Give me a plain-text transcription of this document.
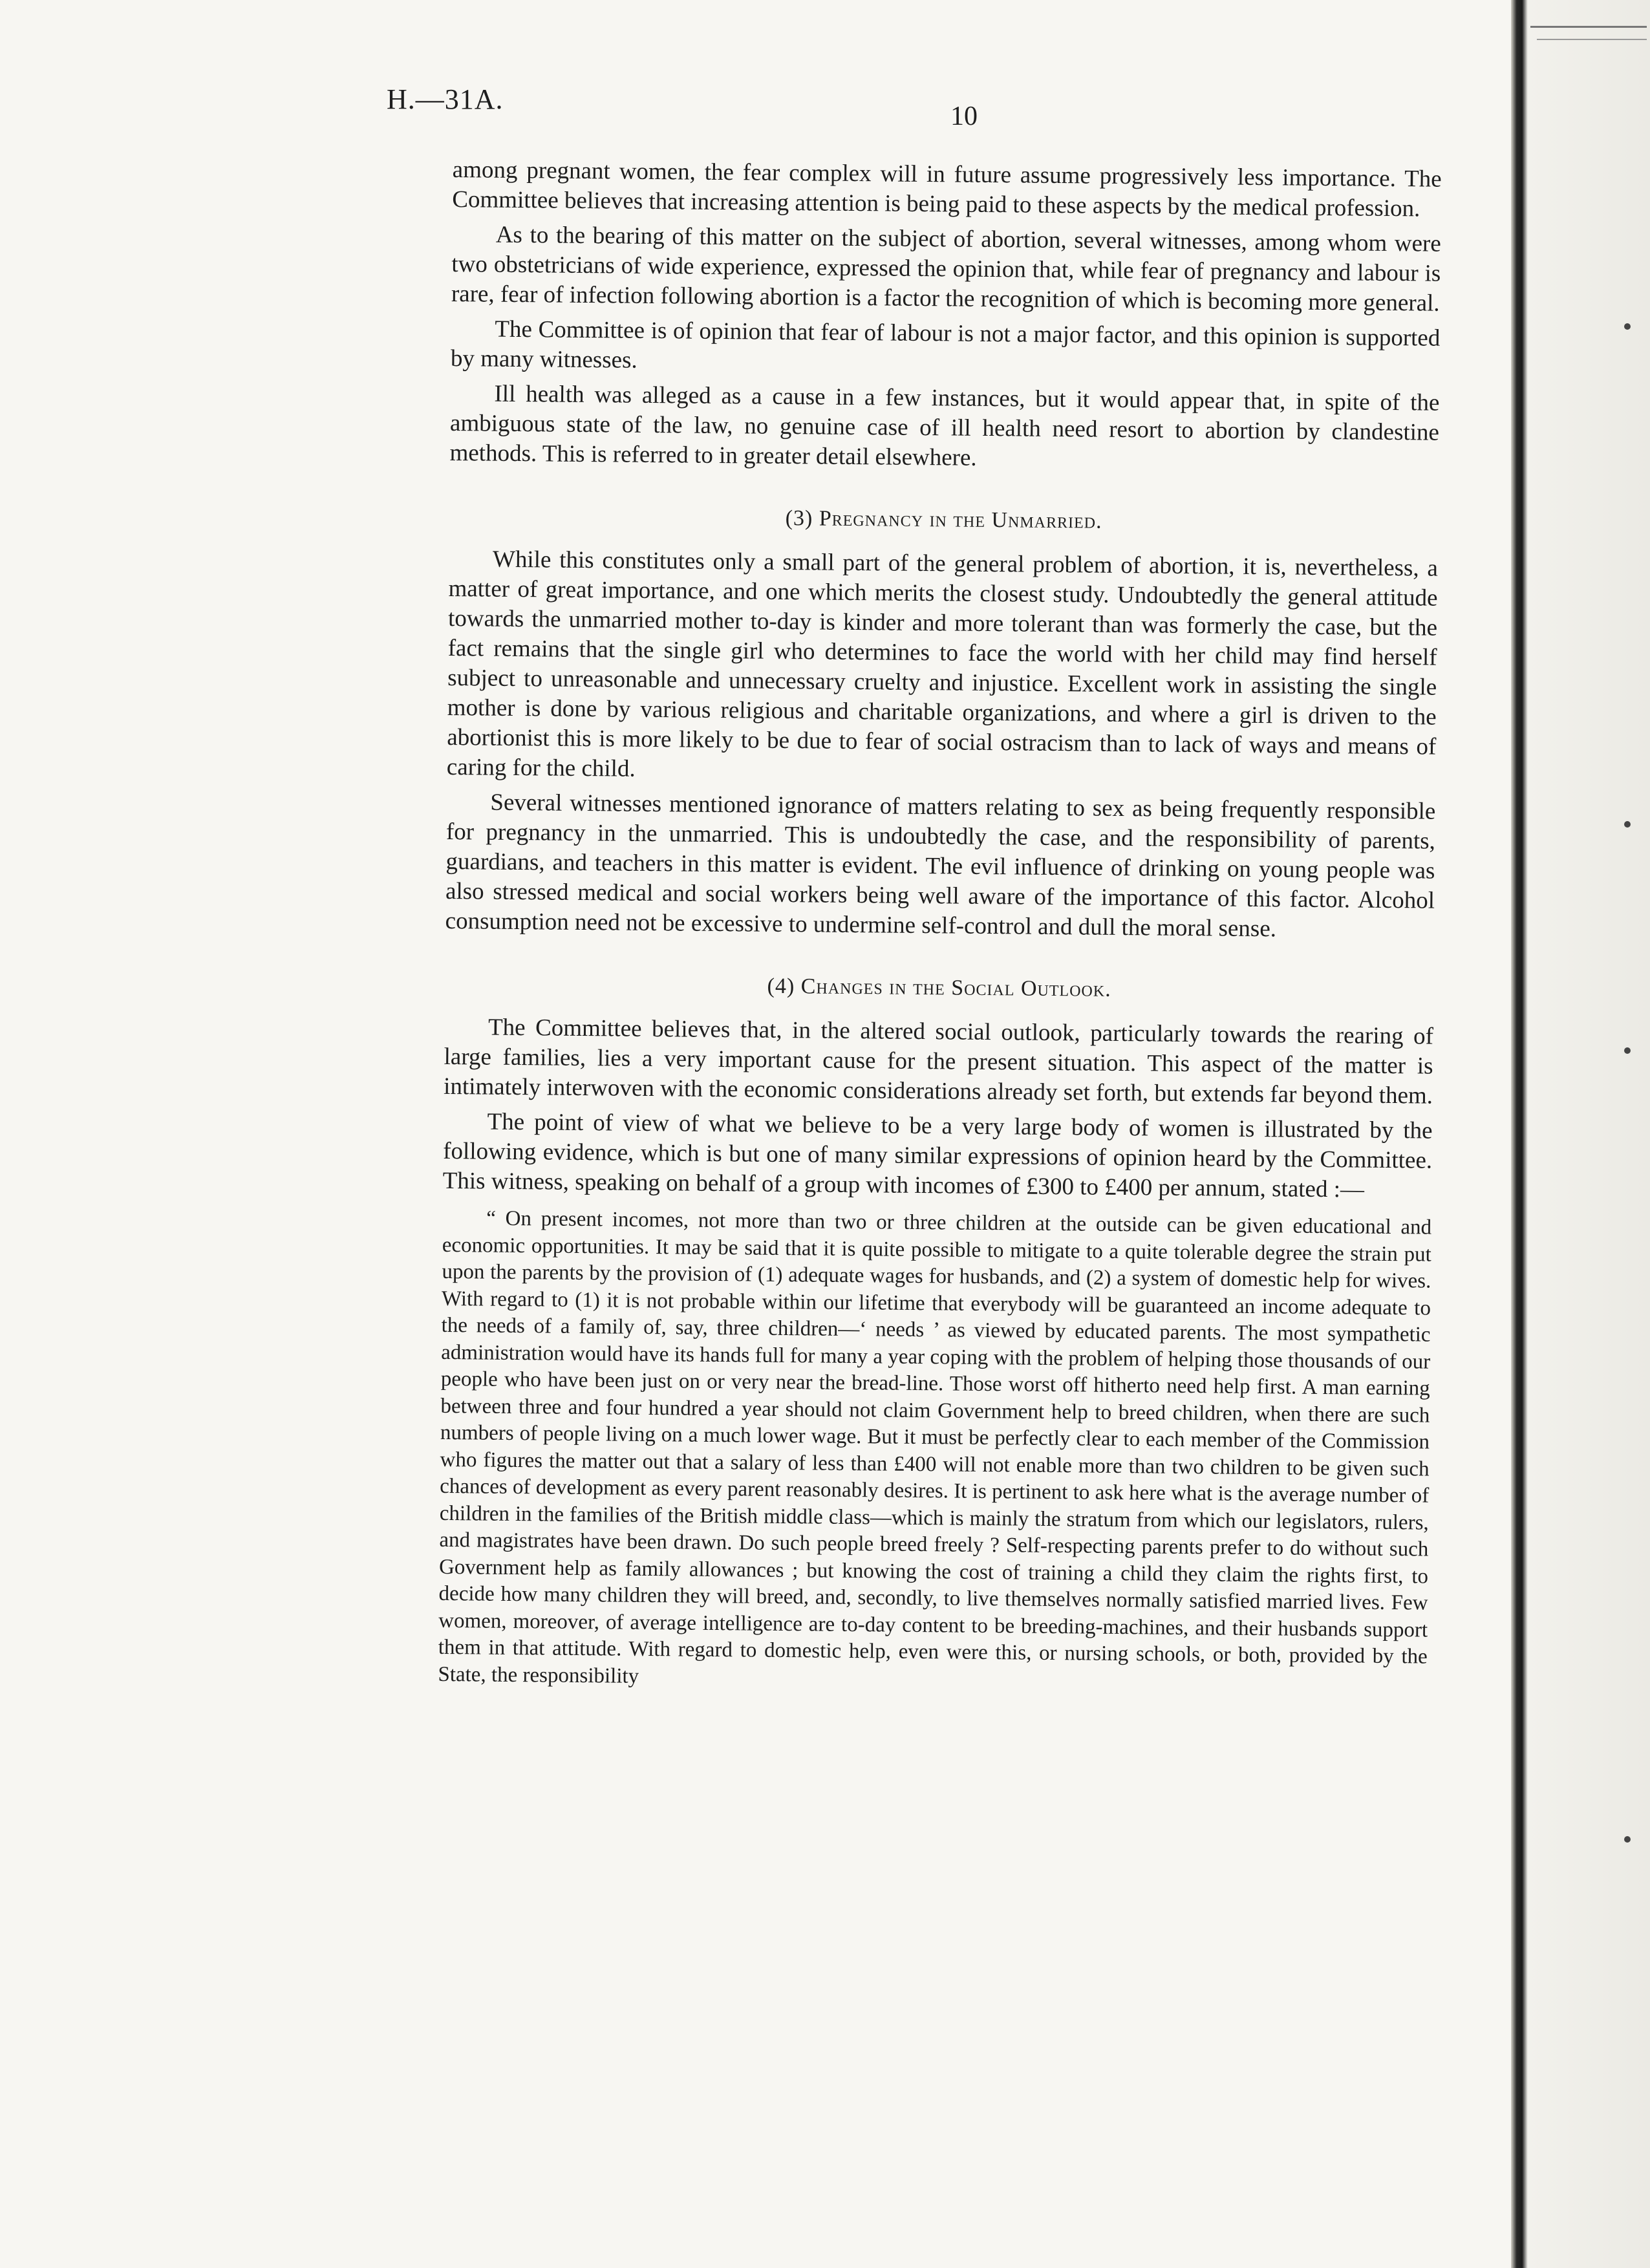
H.—31A.
10

among pregnant women, the fear complex will in future assume progressively less importance. The Committee believes that increasing attention is being paid to these aspects by the medical profession.

As to the bearing of this matter on the subject of abortion, several witnesses, among whom were two obstetricians of wide experience, expressed the opinion that, while fear of pregnancy and labour is rare, fear of infection following abortion is a factor the recognition of which is becoming more general.

The Committee is of opinion that fear of labour is not a major factor, and this opinion is supported by many witnesses.

Ill health was alleged as a cause in a few instances, but it would appear that, in spite of the ambiguous state of the law, no genuine case of ill health need resort to abortion by clandestine methods. This is referred to in greater detail elsewhere.

(3) Pregnancy in the Unmarried.

While this constitutes only a small part of the general problem of abortion, it is, nevertheless, a matter of great importance, and one which merits the closest study. Undoubtedly the general attitude towards the unmarried mother to-day is kinder and more tolerant than was formerly the case, but the fact remains that the single girl who determines to face the world with her child may find herself subject to unreasonable and unnecessary cruelty and injustice. Excellent work in assisting the single mother is done by various religious and charitable organizations, and where a girl is driven to the abortionist this is more likely to be due to fear of social ostracism than to lack of ways and means of caring for the child.

Several witnesses mentioned ignorance of matters relating to sex as being frequently responsible for pregnancy in the unmarried. This is undoubtedly the case, and the responsibility of parents, guardians, and teachers in this matter is evident. The evil influence of drinking on young people was also stressed medical and social workers being well aware of the importance of this factor. Alcohol consumption need not be excessive to undermine self-control and dull the moral sense.

(4) Changes in the Social Outlook.

The Committee believes that, in the altered social outlook, particularly towards the rearing of large families, lies a very important cause for the present situation. This aspect of the matter is intimately interwoven with the economic considerations already set forth, but extends far beyond them.

The point of view of what we believe to be a very large body of women is illustrated by the following evidence, which is but one of many similar expressions of opinion heard by the Committee. This witness, speaking on behalf of a group with incomes of £300 to £400 per annum, stated :—

“ On present incomes, not more than two or three children at the outside can be given educational and economic opportunities. It may be said that it is quite possible to mitigate to a quite tolerable degree the strain put upon the parents by the provision of (1) adequate wages for husbands, and (2) a system of domestic help for wives. With regard to (1) it is not probable within our lifetime that everybody will be guaranteed an income adequate to the needs of a family of, say, three children—‘ needs ’ as viewed by educated parents. The most sympathetic administration would have its hands full for many a year coping with the problem of helping those thousands of our people who have been just on or very near the bread-line. Those worst off hitherto need help first. A man earning between three and four hundred a year should not claim Government help to breed children, when there are such numbers of people living on a much lower wage. But it must be perfectly clear to each member of the Commission who figures the matter out that a salary of less than £400 will not enable more than two children to be given such chances of development as every parent reasonably desires. It is pertinent to ask here what is the average number of children in the families of the British middle class—which is mainly the stratum from which our legislators, rulers, and magistrates have been drawn. Do such people breed freely ? Self-respecting parents prefer to do without such Government help as family allowances ; but knowing the cost of training a child they claim the rights first, to decide how many children they will breed, and, secondly, to live themselves normally satisfied married lives. Few women, moreover, of average intelligence are to-day content to be breeding-machines, and their husbands support them in that attitude. With regard to domestic help, even were this, or nursing schools, or both, provided by the State, the responsibility
